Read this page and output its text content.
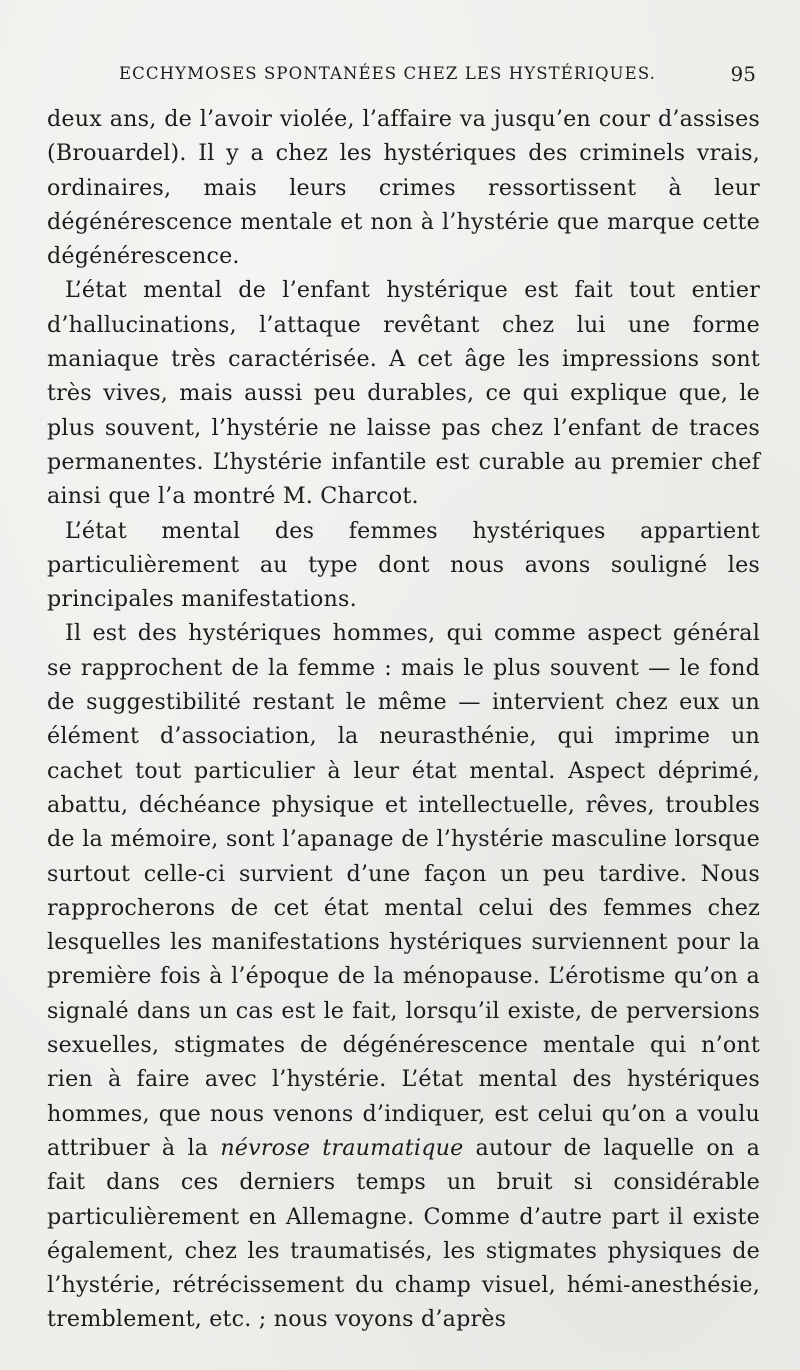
ECCHYMOSES SPONTANÉES CHEZ LES HYSTÉRIQUES.	95

deux ans, de l’avoir violée, l’affaire va jusqu’en cour d’assises (Brouardel). Il y a chez les hystériques des criminels vrais, ordinaires, mais leurs crimes ressortissent à leur dégénérescence mentale et non à l’hystérie que marque cette dégénérescence.

L’état mental de l’enfant hystérique est fait tout entier d’hallucinations, l’attaque revêtant chez lui une forme maniaque très caractérisée. A cet âge les impressions sont très vives, mais aussi peu durables, ce qui explique que, le plus souvent, l’hystérie ne laisse pas chez l’enfant de traces permanentes. L’hystérie infantile est curable au premier chef ainsi que l’a montré M. Charcot.

L’état mental des femmes hystériques appartient particulièrement au type dont nous avons souligné les principales manifestations.

Il est des hystériques hommes, qui comme aspect général se rapprochent de la femme : mais le plus souvent — le fond de suggestibilité restant le même — intervient chez eux un élément d’association, la neurasthénie, qui imprime un cachet tout particulier à leur état mental. Aspect déprimé, abattu, déchéance physique et intellectuelle, rêves, troubles de la mémoire, sont l’apanage de l’hystérie masculine lorsque surtout celle-ci survient d’une façon un peu tardive. Nous rapprocherons de cet état mental celui des femmes chez lesquelles les manifestations hystériques surviennent pour la première fois à l’époque de la ménopause. L’érotisme qu’on a signalé dans un cas est le fait, lorsqu’il existe, de perversions sexuelles, stigmates de dégénérescence mentale qui n’ont rien à faire avec l’hystérie. L’état mental des hystériques hommes, que nous venons d’indiquer, est celui qu’on a voulu attribuer à la névrose traumatique autour de laquelle on a fait dans ces derniers temps un bruit si considérable particulièrement en Allemagne. Comme d’autre part il existe également, chez les traumatisés, les stigmates physiques de l’hystérie, rétrécissement du champ visuel, hémi-anesthésie, tremblement, etc. ; nous voyons d’après
